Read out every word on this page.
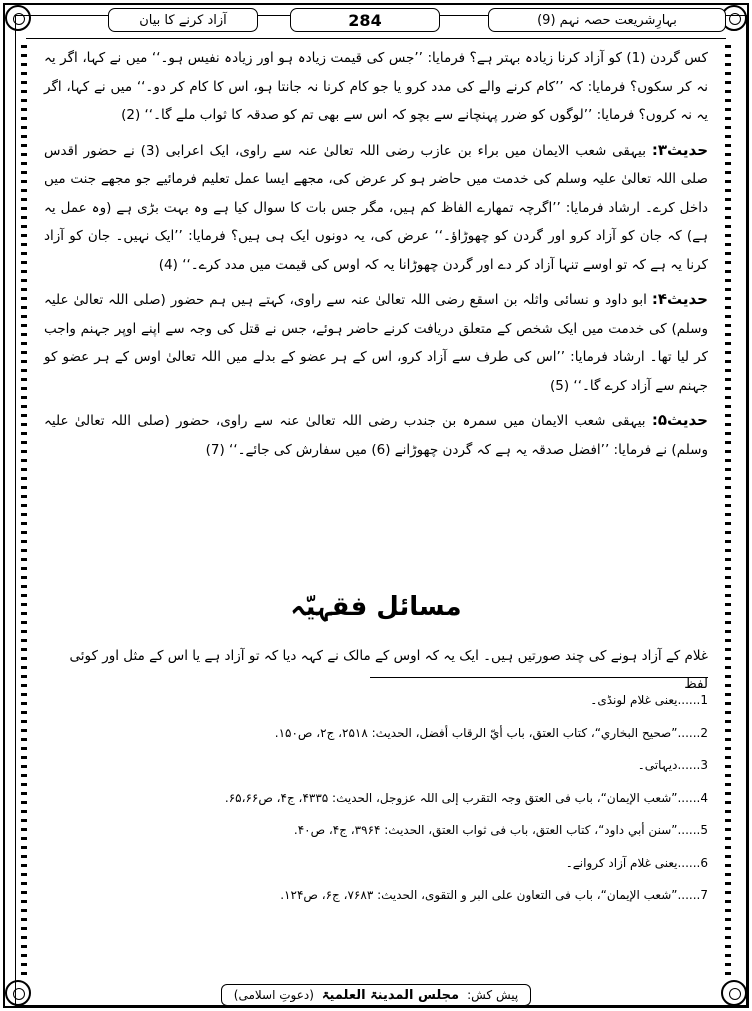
بہارِشریعت حصہ نہم (9)
284
آزاد کرنے کا بیان

کس گردن (1) کو آزاد کرنا زیادہ بہتر ہے؟ فرمایا: ’’جس کی قیمت زیادہ ہو اور زیادہ نفیس ہو۔‘‘ میں نے کہا، اگر یہ نہ کر سکوں؟ فرمایا: کہ ’’کام کرنے والے کی مدد کرو یا جو کام کرنا نہ جانتا ہو، اس کا کام کر دو۔‘‘ میں نے کہا، اگر یہ نہ کروں؟ فرمایا: ’’لوگوں کو ضرر پہنچانے سے بچو کہ اس سے بھی تم کو صدقہ کا ثواب ملے گا۔‘‘ (2)

حدیث۳: بیہقی شعب الایمان میں براء بن عازب رضی اللہ تعالیٰ عنہ سے راوی، ایک اعرابی (3) نے حضور اقدس صلی اللہ تعالیٰ علیہ وسلم کی خدمت میں حاضر ہو کر عرض کی، مجھے ایسا عمل تعلیم فرمائیے جو مجھے جنت میں داخل کرے۔ ارشاد فرمایا: ’’اگرچہ تمھارے الفاظ کم ہیں، مگر جس بات کا سوال کیا ہے وہ بہت بڑی ہے (وہ عمل یہ ہے) کہ جان کو آزاد کرو اور گردن کو چھوڑاؤ۔‘‘ عرض کی، یہ دونوں ایک ہی ہیں؟ فرمایا: ’’ایک نہیں۔ جان کو آزاد کرنا یہ ہے کہ تو اوسے تنہا آزاد کر دے اور گردن چھوڑانا یہ کہ اوس کی قیمت میں مدد کرے۔‘‘ (4)

حدیث۴: ابو داود و نسائی واثلہ بن اسقع رضی اللہ تعالیٰ عنہ سے راوی، کہتے ہیں ہم حضور (صلی اللہ تعالیٰ علیہ وسلم) کی خدمت میں ایک شخص کے متعلق دریافت کرنے حاضر ہوئے، جس نے قتل کی وجہ سے اپنے اوپر جہنم واجب کر لیا تھا۔ ارشاد فرمایا: ’’اس کی طرف سے آزاد کرو، اس کے ہر عضو کے بدلے میں اللہ تعالیٰ اوس کے ہر عضو کو جہنم سے آزاد کرے گا۔‘‘ (5)

حدیث۵: بیہقی شعب الایمان میں سمرہ بن جندب رضی اللہ تعالیٰ عنہ سے راوی، حضور (صلی اللہ تعالیٰ علیہ وسلم) نے فرمایا: ’’افضل صدقہ یہ ہے کہ گردن چھوڑانے (6) میں سفارش کی جائے۔‘‘ (7)

مسائل فقہیّہ
غلام کے آزاد ہونے کی چند صورتیں ہیں۔ ایک یہ کہ اوس کے مالک نے کہہ دیا کہ تو آزاد ہے یا اس کے مثل اور کوئی لفظ
1......یعنی غلام لونڈی۔
2......”صحیح البخاري“، کتاب العتق، باب أيّ الرقاب أفضل، الحدیث: ۲۵۱۸، ج۲، ص۱۵۰.
3......دیہاتی۔
4......”شعب الإیمان“، باب فی العتق وجہ التقرب إلی اللہ عزوجل، الحدیث: ۴۳۳۵، ج۴، ص۶۵،۶۶.
5......”سنن أبي داود“، کتاب العتق، باب فی ثواب العتق، الحدیث: ۳۹۶۴، ج۴، ص۴۰.
6......یعنی غلام آزاد کروانے۔
7......”شعب الإیمان“، باب فی التعاون علی البر و التقوی، الحدیث: ۷۶۸۳، ج۶، ص۱۲۴.
پیش کش:
مجلس المدینۃ العلمیۃ
(دعوتِ اسلامی)
